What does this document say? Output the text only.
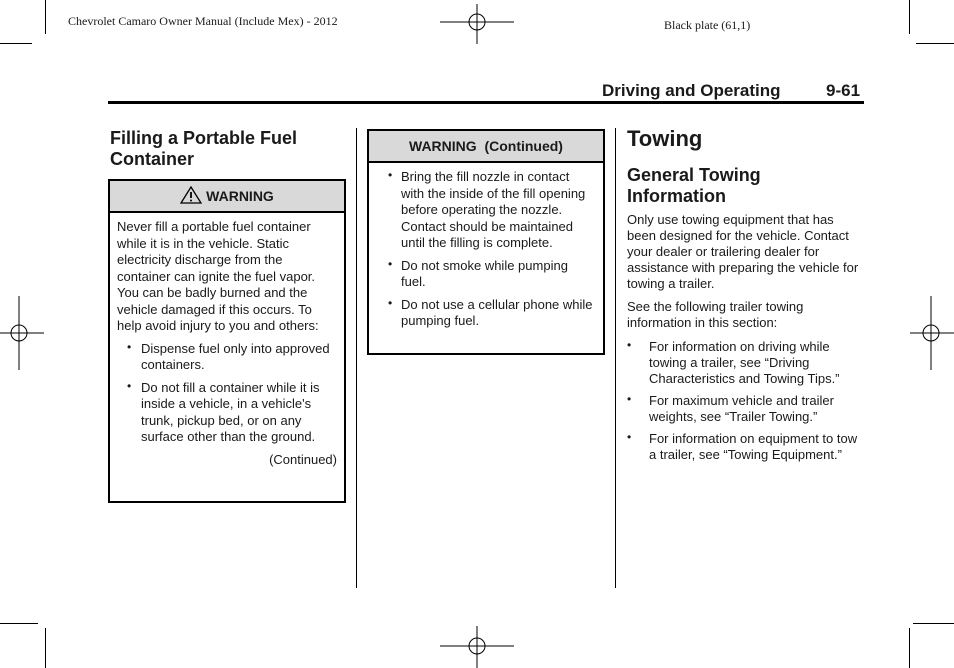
Chevrolet Camaro Owner Manual (Include Mex) - 2012	Black plate (61,1)
Driving and Operating	9-61
Filling a Portable Fuel Container
WARNING

Never fill a portable fuel container while it is in the vehicle. Static electricity discharge from the container can ignite the fuel vapor. You can be badly burned and the vehicle damaged if this occurs. To help avoid injury to you and others:

• Dispense fuel only into approved containers.
• Do not fill a container while it is inside a vehicle, in a vehicle's trunk, pickup bed, or on any surface other than the ground.
(Continued)
WARNING  (Continued)
• Bring the fill nozzle in contact with the inside of the fill opening before operating the nozzle. Contact should be maintained until the filling is complete.
• Do not smoke while pumping fuel.
• Do not use a cellular phone while pumping fuel.
Towing
General Towing Information

Only use towing equipment that has been designed for the vehicle. Contact your dealer or trailering dealer for assistance with preparing the vehicle for towing a trailer.

See the following trailer towing information in this section:

• For information on driving while towing a trailer, see “Driving Characteristics and Towing Tips.”
• For maximum vehicle and trailer weights, see “Trailer Towing.”
• For information on equipment to tow a trailer, see “Towing Equipment.”
